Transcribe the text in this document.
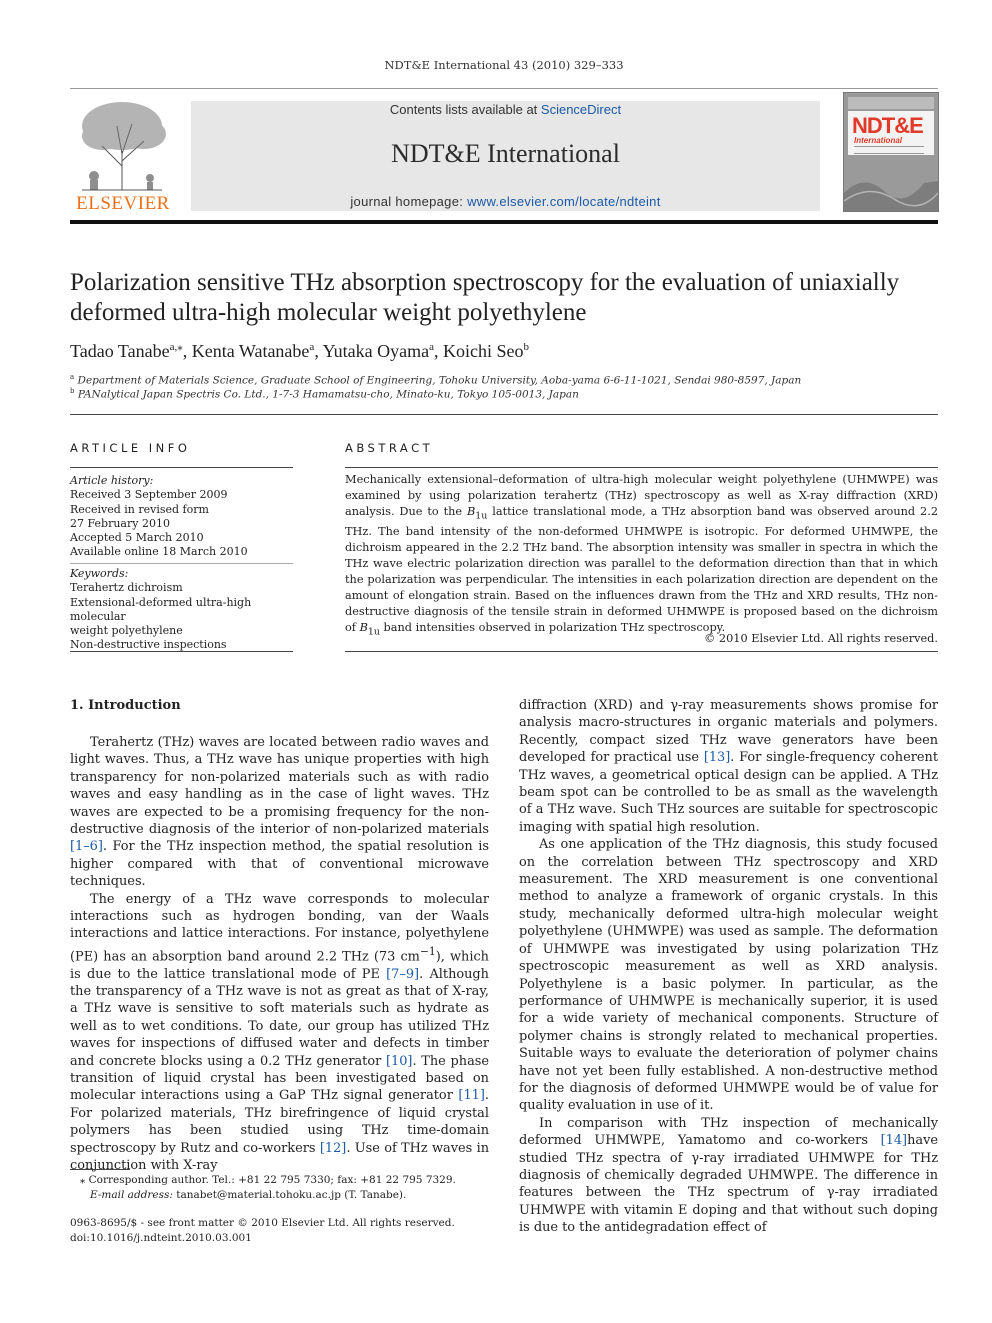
NDT&E International 43 (2010) 329–333
ELSEVIER
Contents lists available at ScienceDirect
NDT&E International
journal homepage: www.elsevier.com/locate/ndteint
NDT&E
International
Polarization sensitive THz absorption spectroscopy for the evaluation of uniaxially deformed ultra-high molecular weight polyethylene
Tadao Tanabe$^{a,⁎}$, Kenta Watanabe$^a$, Yutaka Oyama$^a$, Koichi Seo$^b$
$^a$ Department of Materials Science, Graduate School of Engineering, Tohoku University, Aoba-yama 6-6-11-1021, Sendai 980-8597, Japan
$^b$ PANalytical Japan Spectris Co. Ltd., 1-7-3 Hamamatsu-cho, Minato-ku, Tokyo 105-0013, Japan
ARTICLE INFO
Article history:
Received 3 September 2009
Received in revised form
27 February 2010
Accepted 5 March 2010
Available online 18 March 2010
Keywords:
Terahertz dichroism
Extensional-deformed ultra-high molecular
weight polyethylene
Non-destructive inspections
ABSTRACT
Mechanically extensional–deformation of ultra-high molecular weight polyethylene (UHMWPE) was examined by using polarization terahertz (THz) spectroscopy as well as X-ray diffraction (XRD) analysis. Due to the $B_{1u}$ lattice translational mode, a THz absorption band was observed around 2.2 THz. The band intensity of the non-deformed UHMWPE is isotropic. For deformed UHMWPE, the dichroism appeared in the 2.2 THz band. The absorption intensity was smaller in spectra in which the THz wave electric polarization direction was parallel to the deformation direction than that in which the polarization was perpendicular. The intensities in each polarization direction are dependent on the amount of elongation strain. Based on the influences drawn from the THz and XRD results, THz non-destructive diagnosis of the tensile strain in deformed UHMWPE is proposed based on the dichroism of $B_{1u}$ band intensities observed in polarization THz spectroscopy.
© 2010 Elsevier Ltd. All rights reserved.
1. Introduction

Terahertz (THz) waves are located between radio waves and light waves. Thus, a THz wave has unique properties with high transparency for non-polarized materials such as with radio waves and easy handling as in the case of light waves. THz waves are expected to be a promising frequency for the non-destructive diagnosis of the interior of non-polarized materials [1–6]. For the THz inspection method, the spatial resolution is higher compared with that of conventional microwave techniques.

The energy of a THz wave corresponds to molecular interactions such as hydrogen bonding, van der Waals interactions and lattice interactions. For instance, polyethylene (PE) has an absorption band around 2.2 THz (73 $cm^{-1}$), which is due to the lattice translational mode of PE [7–9]. Although the transparency of a THz wave is not as great as that of X-ray, a THz wave is sensitive to soft materials such as hydrate as well as to wet conditions. To date, our group has utilized THz waves for inspections of diffused water and defects in timber and concrete blocks using a 0.2 THz generator [10]. The phase transition of liquid crystal has been investigated based on molecular interactions using a GaP THz signal generator [11]. For polarized materials, THz birefringence of liquid crystal polymers has been studied using THz time-domain spectroscopy by Rutz and co-workers [12]. Use of THz waves in conjunction with X-ray

diffraction (XRD) and γ-ray measurements shows promise for analysis macro-structures in organic materials and polymers. Recently, compact sized THz wave generators have been developed for practical use [13]. For single-frequency coherent THz waves, a geometrical optical design can be applied. A THz beam spot can be controlled to be as small as the wavelength of a THz wave. Such THz sources are suitable for spectroscopic imaging with spatial high resolution.

As one application of the THz diagnosis, this study focused on the correlation between THz spectroscopy and XRD measurement. The XRD measurement is one conventional method to analyze a framework of organic crystals. In this study, mechanically deformed ultra-high molecular weight polyethylene (UHMWPE) was used as sample. The deformation of UHMWPE was investigated by using polarization THz spectroscopic measurement as well as XRD analysis. Polyethylene is a basic polymer. In particular, as the performance of UHMWPE is mechanically superior, it is used for a wide variety of mechanical components. Structure of polymer chains is strongly related to mechanical properties. Suitable ways to evaluate the deterioration of polymer chains have not yet been fully established. A non-destructive method for the diagnosis of deformed UHMWPE would be of value for quality evaluation in use of it.

In comparison with THz inspection of mechanically deformed UHMWPE, Yamatomo and co-workers [14]have studied THz spectra of γ-ray irradiated UHMWPE for THz diagnosis of chemically degraded UHMWPE. The difference in features between the THz spectrum of γ-ray irradiated UHMWPE with vitamin E doping and that without such doping is due to the antidegradation effect of

⁎ Corresponding author. Tel.: +81 22 795 7330; fax: +81 22 795 7329.
E-mail address: tanabet@material.tohoku.ac.jp (T. Tanabe).
0963-8695/$ - see front matter © 2010 Elsevier Ltd. All rights reserved.
doi:10.1016/j.ndteint.2010.03.001
